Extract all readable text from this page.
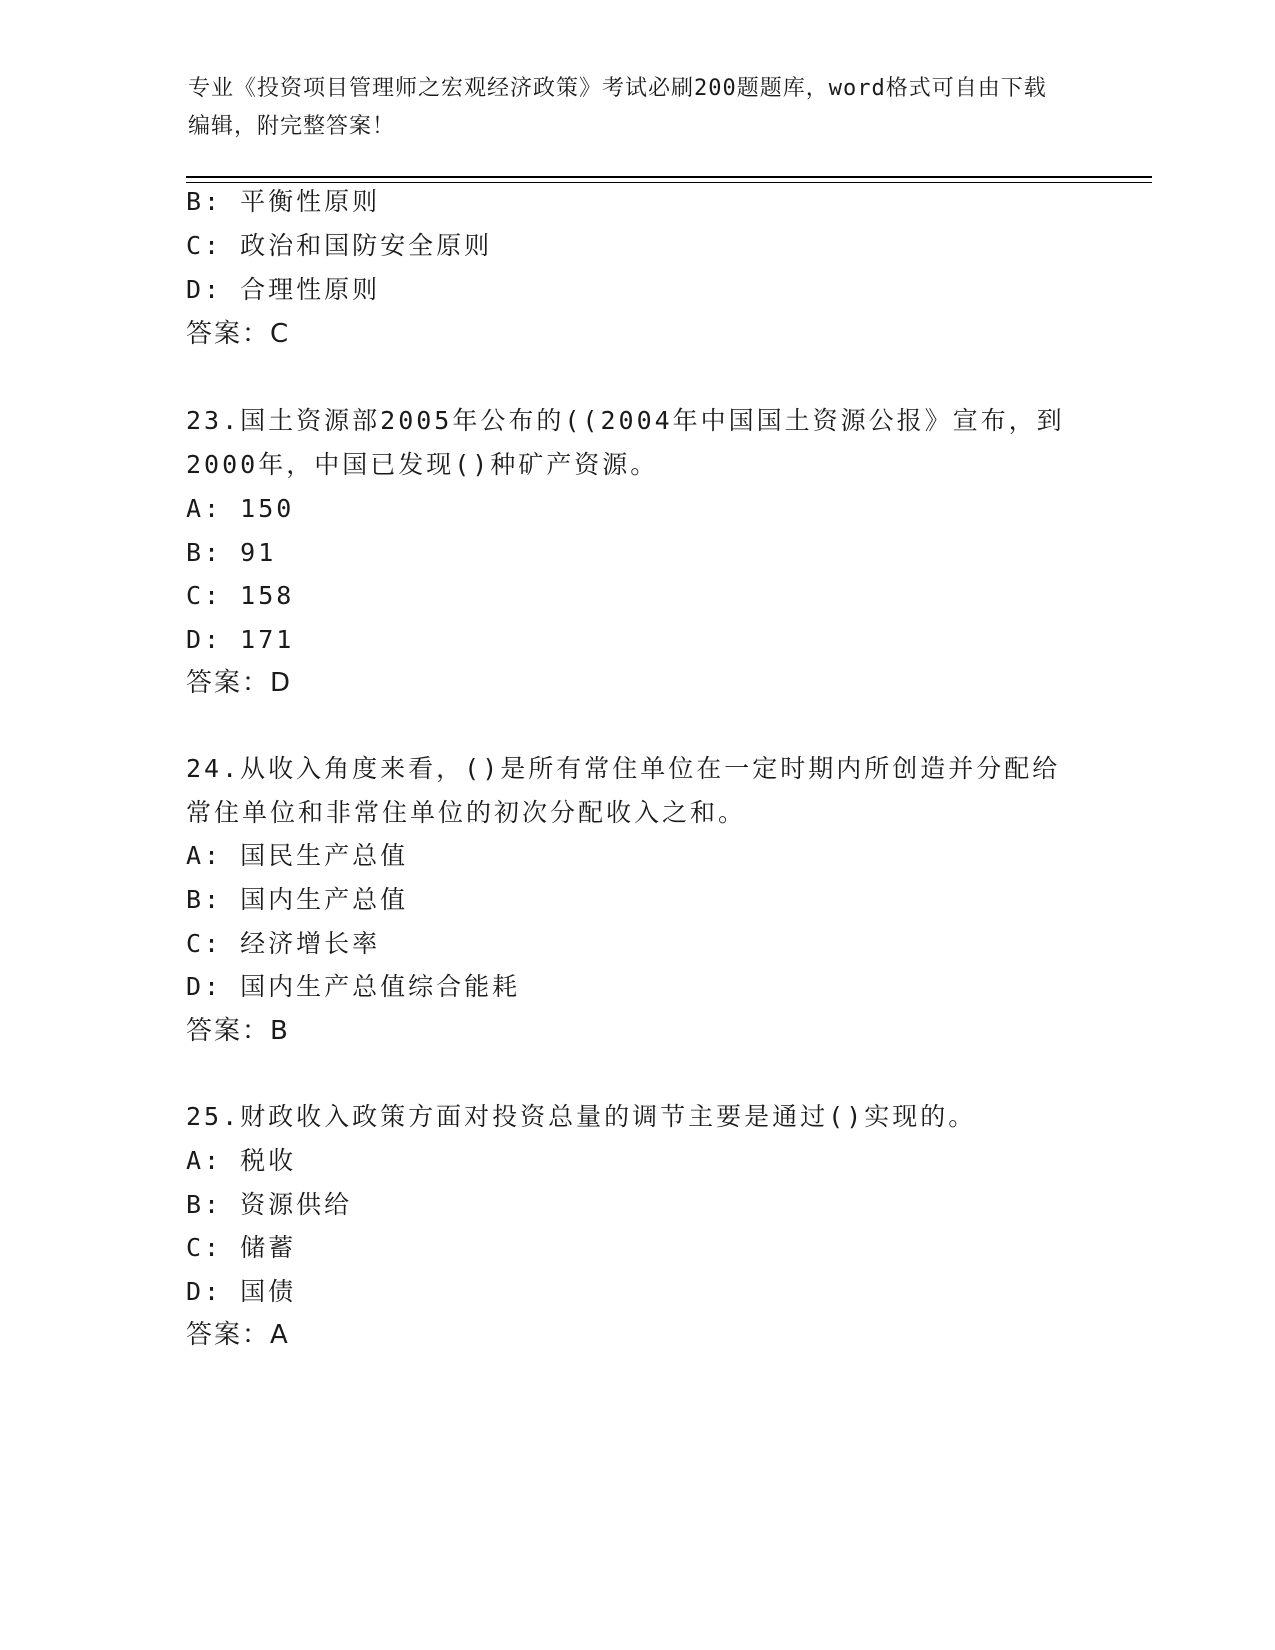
专业《投资项目管理师之宏观经济政策》考试必刷200题题库，word格式可自由下载编辑，附完整答案！
B: 平衡性原则
C: 政治和国防安全原则
D: 合理性原则
答案：C
23.国土资源部2005年公布的((2004年中国国土资源公报》宣布，到
2000年，中国已发现()种矿产资源。
A: 150
B: 91
C: 158
D: 171
答案：D
24.从收入角度来看，()是所有常住单位在一定时期内所创造并分配给
常住单位和非常住单位的初次分配收入之和。
A: 国民生产总值
B: 国内生产总值
C: 经济增长率
D: 国内生产总值综合能耗
答案：B
25.财政收入政策方面对投资总量的调节主要是通过()实现的。
A: 税收
B: 资源供给
C: 储蓄
D: 国债
答案：A
